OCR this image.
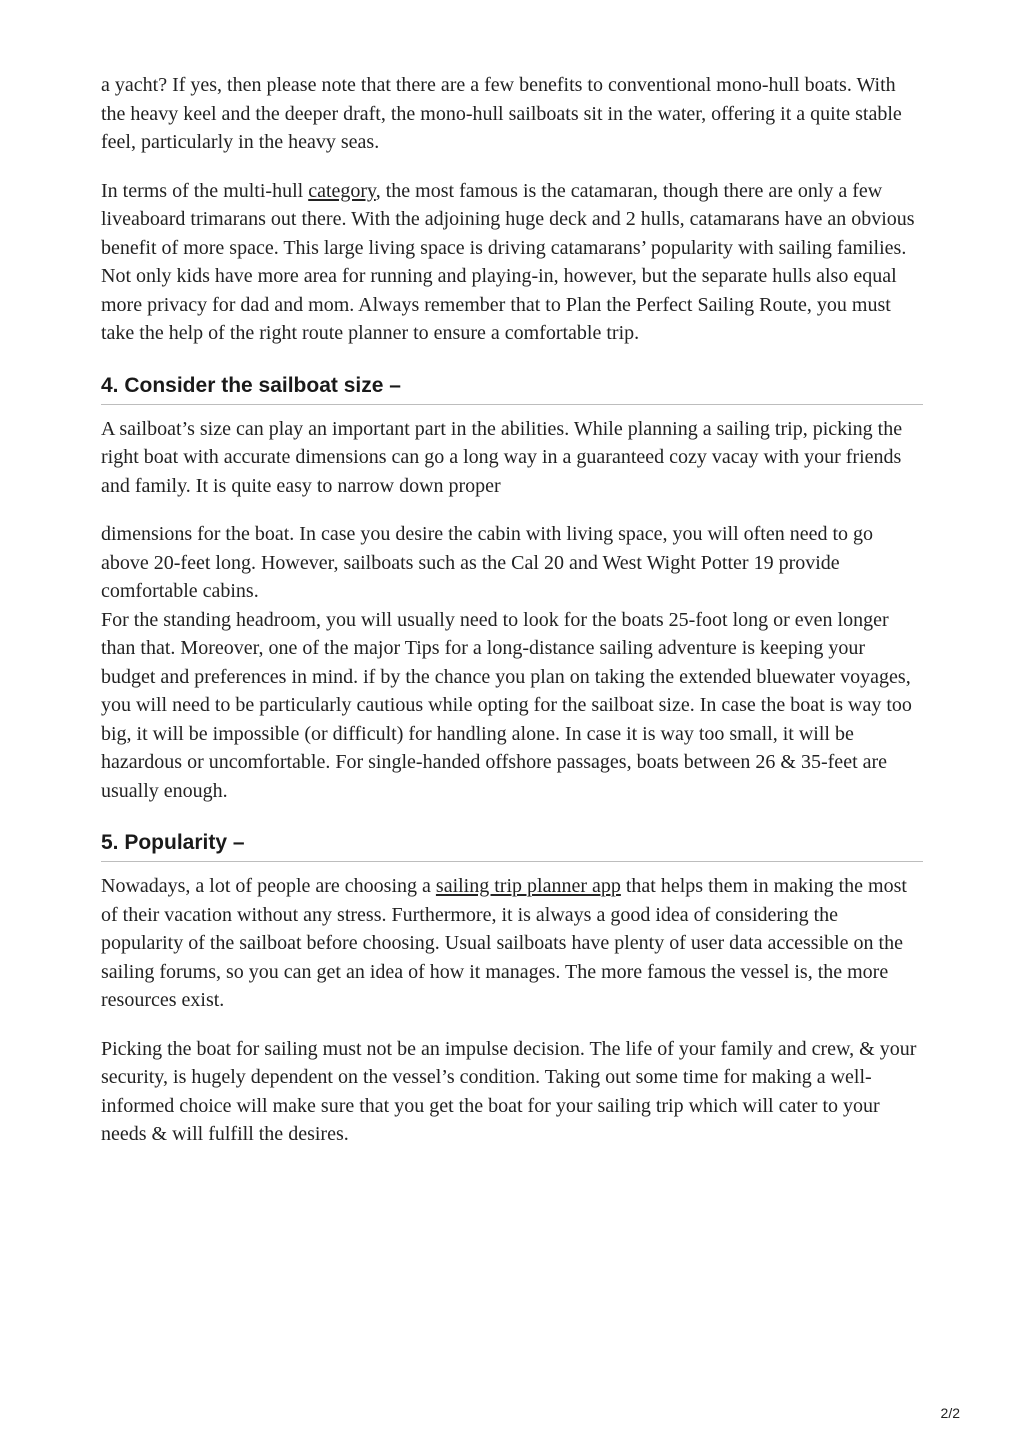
a yacht? If yes, then please note that there are a few benefits to conventional mono-hull boats. With the heavy keel and the deeper draft, the mono-hull sailboats sit in the water, offering it a quite stable feel, particularly in the heavy seas.

In terms of the multi-hull category, the most famous is the catamaran, though there are only a few liveaboard trimarans out there. With the adjoining huge deck and 2 hulls, catamarans have an obvious benefit of more space. This large living space is driving catamarans’ popularity with sailing families. Not only kids have more area for running and playing-in, however, but the separate hulls also equal more privacy for dad and mom. Always remember that to Plan the Perfect Sailing Route, you must take the help of the right route planner to ensure a comfortable trip.

4. Consider the sailboat size –

A sailboat’s size can play an important part in the abilities. While planning a sailing trip, picking the right boat with accurate dimensions can go a long way in a guaranteed cozy vacay with your friends and family. It is quite easy to narrow down proper

dimensions for the boat. In case you desire the cabin with living space, you will often need to go above 20-feet long. However, sailboats such as the Cal 20 and West Wight Potter 19 provide comfortable cabins.

For the standing headroom, you will usually need to look for the boats 25-foot long or even longer than that. Moreover, one of the major Tips for a long-distance sailing adventure is keeping your budget and preferences in mind. if by the chance you plan on taking the extended bluewater voyages, you will need to be particularly cautious while opting for the sailboat size. In case the boat is way too big, it will be impossible (or difficult) for handling alone. In case it is way too small, it will be hazardous or uncomfortable. For single-handed offshore passages, boats between 26 & 35-feet are usually enough.

5. Popularity –

Nowadays, a lot of people are choosing a sailing trip planner app that helps them in making the most of their vacation without any stress. Furthermore, it is always a good idea of considering the popularity of the sailboat before choosing. Usual sailboats have plenty of user data accessible on the sailing forums, so you can get an idea of how it manages. The more famous the vessel is, the more resources exist.

Picking the boat for sailing must not be an impulse decision. The life of your family and crew, & your security, is hugely dependent on the vessel’s condition. Taking out some time for making a well-informed choice will make sure that you get the boat for your sailing trip which will cater to your needs & will fulfill the desires.

2/2
